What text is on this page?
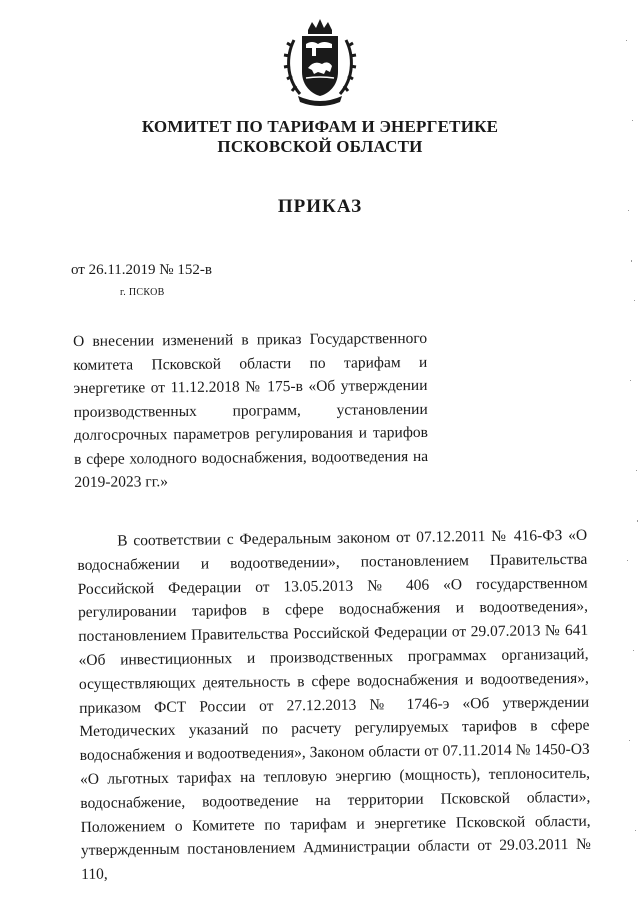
КОМИТЕТ ПО ТАРИФАМ И ЭНЕРГЕТИКЕ
ПСКОВСКОЙ ОБЛАСТИ
ПРИКАЗ
от 26.11.2019 № 152-в
г. ПСКОВ
О внесении изменений в приказ Государственного комитета Псковской области по тарифам и энергетике от 11.12.2018 № 175-в «Об утверждении производственных программ, установлении долгосрочных параметров регулирования и тарифов в сфере холодного водоснабжения, водоотведения на 2019-2023 гг.»
В соответствии с Федеральным законом от 07.12.2011 № 416-ФЗ «О водоснабжении и водоотведении», постановлением Правительства Российской Федерации от 13.05.2013 № 406 «О государственном регулировании тарифов в сфере водоснабжения и водоотведения», постановлением Правительства Российской Федерации от 29.07.2013 № 641 «Об инвестиционных и производственных программах организаций, осуществляющих деятельность в сфере водоснабжения и водоотведения», приказом ФСТ России от 27.12.2013 № 1746-э «Об утверждении Методических указаний по расчету регулируемых тарифов в сфере водоснабжения и водоотведения», Законом области от 07.11.2014 № 1450-ОЗ «О льготных тарифах на тепловую энергию (мощность), теплоноситель, водоснабжение, водоотведение на территории Псковской области», Положением о Комитете по тарифам и энергетике Псковской области, утвержденным постановлением Администрации области от 29.03.2011 № 110,
